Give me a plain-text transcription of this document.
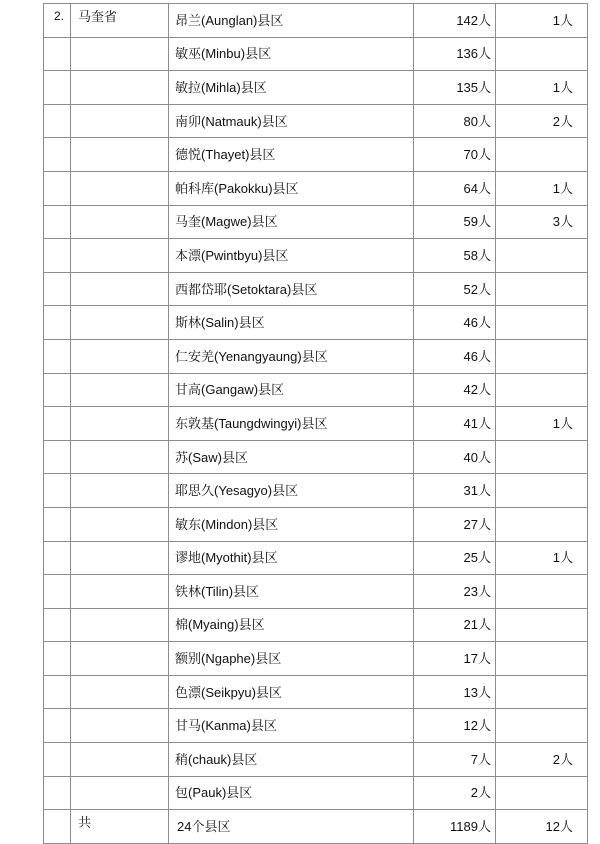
2.	马奎省	昂兰(Aunglan)县区	142人	1人
		敏巫(Minbu)县区	136人	
		敏拉(Mihla)县区	135人	1人
		南卯(Natmauk)县区	80人	2人
		德悦(Thayet)县区	70人	
		帕科库(Pakokku)县区	64人	1人
		马奎(Magwe)县区	59人	3人
		本漂(Pwintbyu)县区	58人	
		西都岱耶(Setoktara)县区	52人	
		斯林(Salin)县区	46人	
		仁安羌(Yenangyaung)县区	46人	
		甘高(Gangaw)县区	42人	
		东敦基(Taungdwingyi)县区	41人	1人
		苏(Saw)县区	40人	
		耶思久(Yesagyo)县区	31人	
		敏东(Mindon)县区	27人	
		谬地(Myothit)县区	25人	1人
		铁林(Tilin)县区	23人	
		棉(Myaing)县区	21人	
		额别(Ngaphe)县区	17人	
		色漂(Seikpyu)县区	13人	
		甘马(Kanma)县区	12人	
		稍(chauk)县区	7人	2人
		包(Pauk)县区	2人	
	共	24个县区	1189人	12人
